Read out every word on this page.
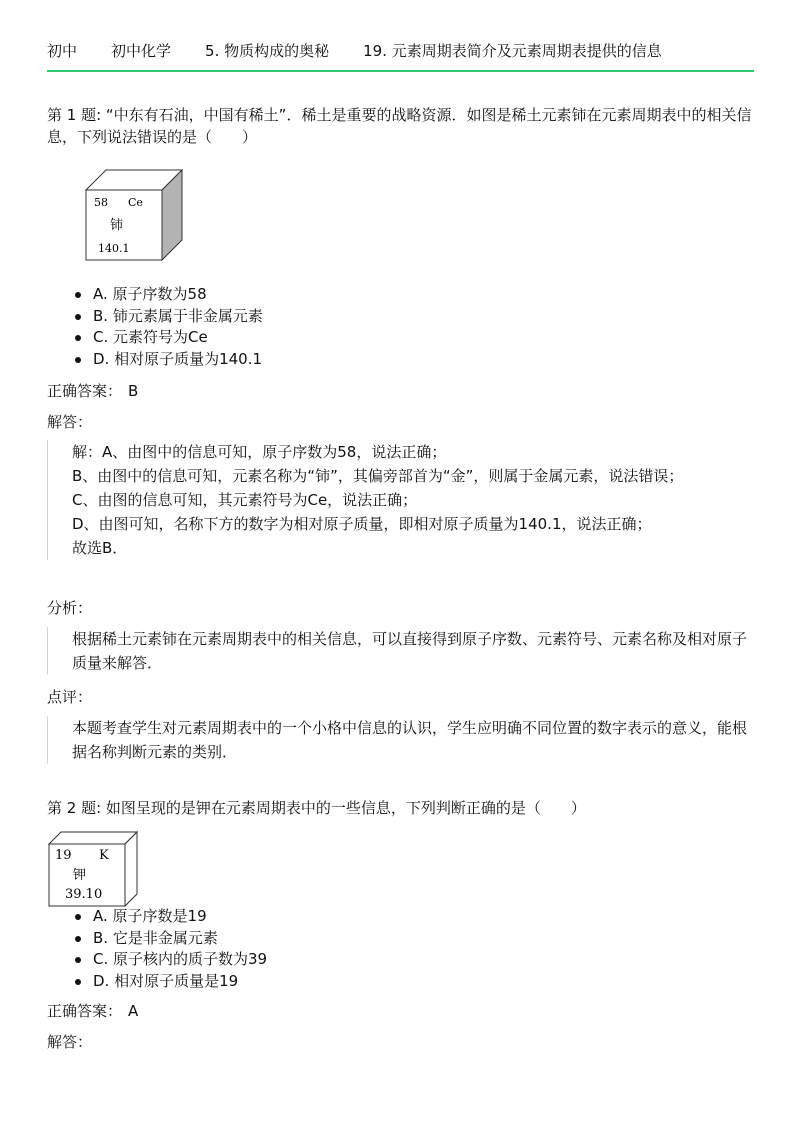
初中 初中化学 5. 物质构成的奥秘 19. 元素周期表简介及元素周期表提供的信息
第 1 题: “中东有石油，中国有稀土”．稀土是重要的战略资源．如图是稀土元素铈在元素周期表中的相关信息，下列说法错误的是（　　）
58 Ce
铈
140.1
A. 原子序数为58
B. 铈元素属于非金属元素
C. 元素符号为Ce
D. 相对原子质量为140.1
正确答案： B
解答：

解：A、由图中的信息可知，原子序数为58，说法正确；

B、由图中的信息可知，元素名称为“铈”，其偏旁部首为“金”，则属于金属元素，说法错误；

C、由图的信息可知，其元素符号为Ce，说法正确；

D、由图可知，名称下方的数字为相对原子质量，即相对原子质量为140.1，说法正确；

故选B．

分析：

根据稀土元素铈在元素周期表中的相关信息，可以直接得到原子序数、元素符号、元素名称及相对原子质量来解答．

点评：

本题考查学生对元素周期表中的一个小格中信息的认识，学生应明确不同位置的数字表示的意义，能根据名称判断元素的类别．

第 2 题: 如图呈现的是钾在元素周期表中的一些信息，下列判断正确的是（　　）
19 K
钾
39.10
A. 原子序数是19
B. 它是非金属元素
C. 原子核内的质子数为39
D. 相对原子质量是19
正确答案： A
解答：
